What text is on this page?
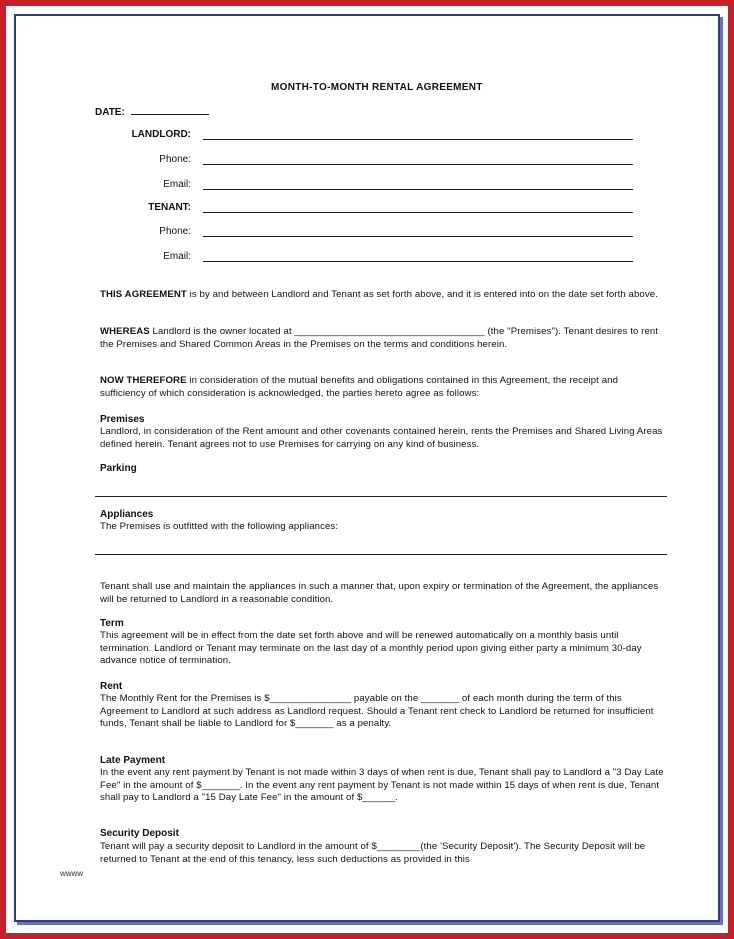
MONTH-TO-MONTH RENTAL AGREEMENT
DATE:
LANDLORD:
Phone:
Email:
TENANT:
Phone:
Email:
THIS AGREEMENT is by and between Landlord and Tenant as set forth above, and it is entered into on the date set forth above.
WHEREAS Landlord is the owner located at ___________________________________ (the "Premises"). Tenant desires to rent the Premises and Shared Common Areas in the Premises on the terms and conditions herein.
NOW THEREFORE in consideration of the mutual benefits and obligations contained in this Agreement, the receipt and sufficiency of which consideration is acknowledged, the parties hereto agree as follows:
Premises
Landlord, in consideration of the Rent amount and other covenants contained herein, rents the Premises and Shared Living Areas defined herein. Tenant agrees not to use Premises for carrying on any kind of business.
Parking
Appliances
The Premises is outfitted with the following appliances:
Tenant shall use and maintain the appliances in such a manner that, upon expiry or termination of the Agreement, the appliances will be returned to Landlord in a reasonable condition.
Term
This agreement will be in effect from the date set forth above and will be renewed automatically on a monthly basis until termination. Landlord or Tenant may terminate on the last day of a monthly period upon giving either party a minimum 30-day advance notice of termination.
Rent
The Monthly Rent for the Premises is $_______________ payable on the _______ of each month during the term of this Agreement to Landlord at such address as Landlord request. Should a Tenant rent check to Landlord be returned for insufficient funds, Tenant shall be liable to Landlord for $_______ as a penalty.
Late Payment
In the event any rent payment by Tenant is not made within 3 days of when rent is due, Tenant shall pay to Landlord a "3 Day Late Fee" in the amount of $_______. In the event any rent payment by Tenant is not made within 15 days of when rent is due, Tenant shall pay to Landlord a "15 Day Late Fee" in the amount of $______.
Security Deposit
Tenant will pay a security deposit to Landlord in the amount of $________(the 'Security Deposit'). The Security Deposit will be returned to Tenant at the end of this tenancy, less such deductions as provided in this
wwww
